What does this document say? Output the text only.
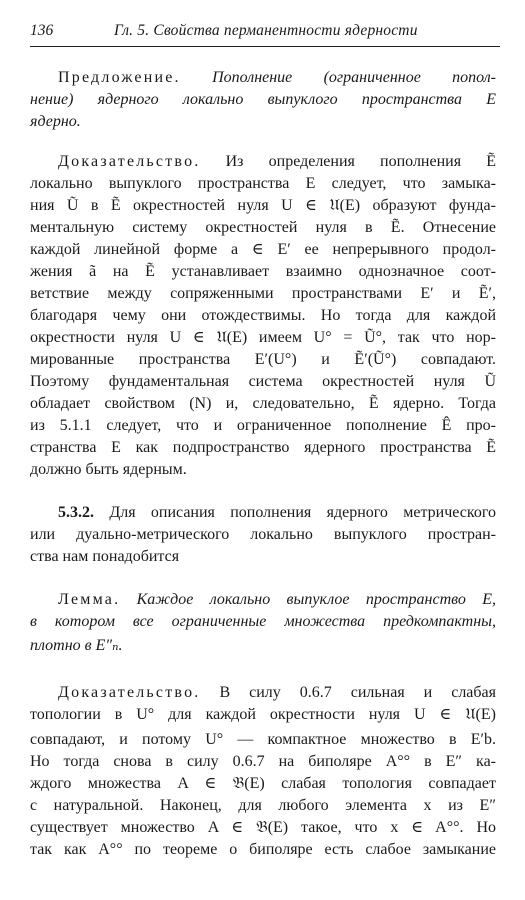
136	Гл. 5. Свойства перманентности ядерности
Предложение. Пополнение (ограниченное попол-
нение) ядерного локально выпуклого пространства E
ядерно.
Доказательство. Из определения пополнения Ẽ
локально выпуклого пространства E следует, что замыка-
ния Ũ в Ẽ окрестностей нуля U ∈ 𝔘(E) образуют фунда-
ментальную систему окрестностей нуля в Ẽ. Отнесение
каждой линейной форме a ∈ E′ ее непрерывного продол-
жения ã на Ẽ устанавливает взаимно однозначное соот-
ветствие между сопряженными пространствами E′ и Ẽ′,
благодаря чему они отождествимы. Но тогда для каждой
окрестности нуля U ∈ 𝔘(E) имеем U° = Ũ°, так что нор-
мированные пространства E′(U°) и Ẽ′(Ũ°) совпадают.
Поэтому фундаментальная система окрестностей нуля Ũ
обладает свойством (N) и, следовательно, Ẽ ядерно. Тогда
из 5.1.1 следует, что и ограниченное пополнение Ê про-
странства E как подпространство ядерного пространства Ẽ
должно быть ядерным.
5.3.2. Для описания пополнения ядерного метрического
или дуально-метрического локально выпуклого простран-
ства нам понадобится
Лемма. Каждое локально выпуклое пространство E,
в котором все ограниченные множества предкомпактны,
плотно в E″ₙ.
Доказательство. В силу 0.6.7 сильная и слабая
топологии в U° для каждой окрестности нуля U ∈ 𝔘(E)
совпадают, и потому U° — компактное множество в E′b.
Но тогда снова в силу 0.6.7 на биполяре A°° в E″ ка-
ждого множества A ∈ 𝔅(E) слабая топология совпадает
с натуральной. Наконец, для любого элемента x из E″
существует множество A ∈ 𝔅(E) такое, что x ∈ A°°. Но
так как A°° по теореме о биполяре есть слабое замыкание
